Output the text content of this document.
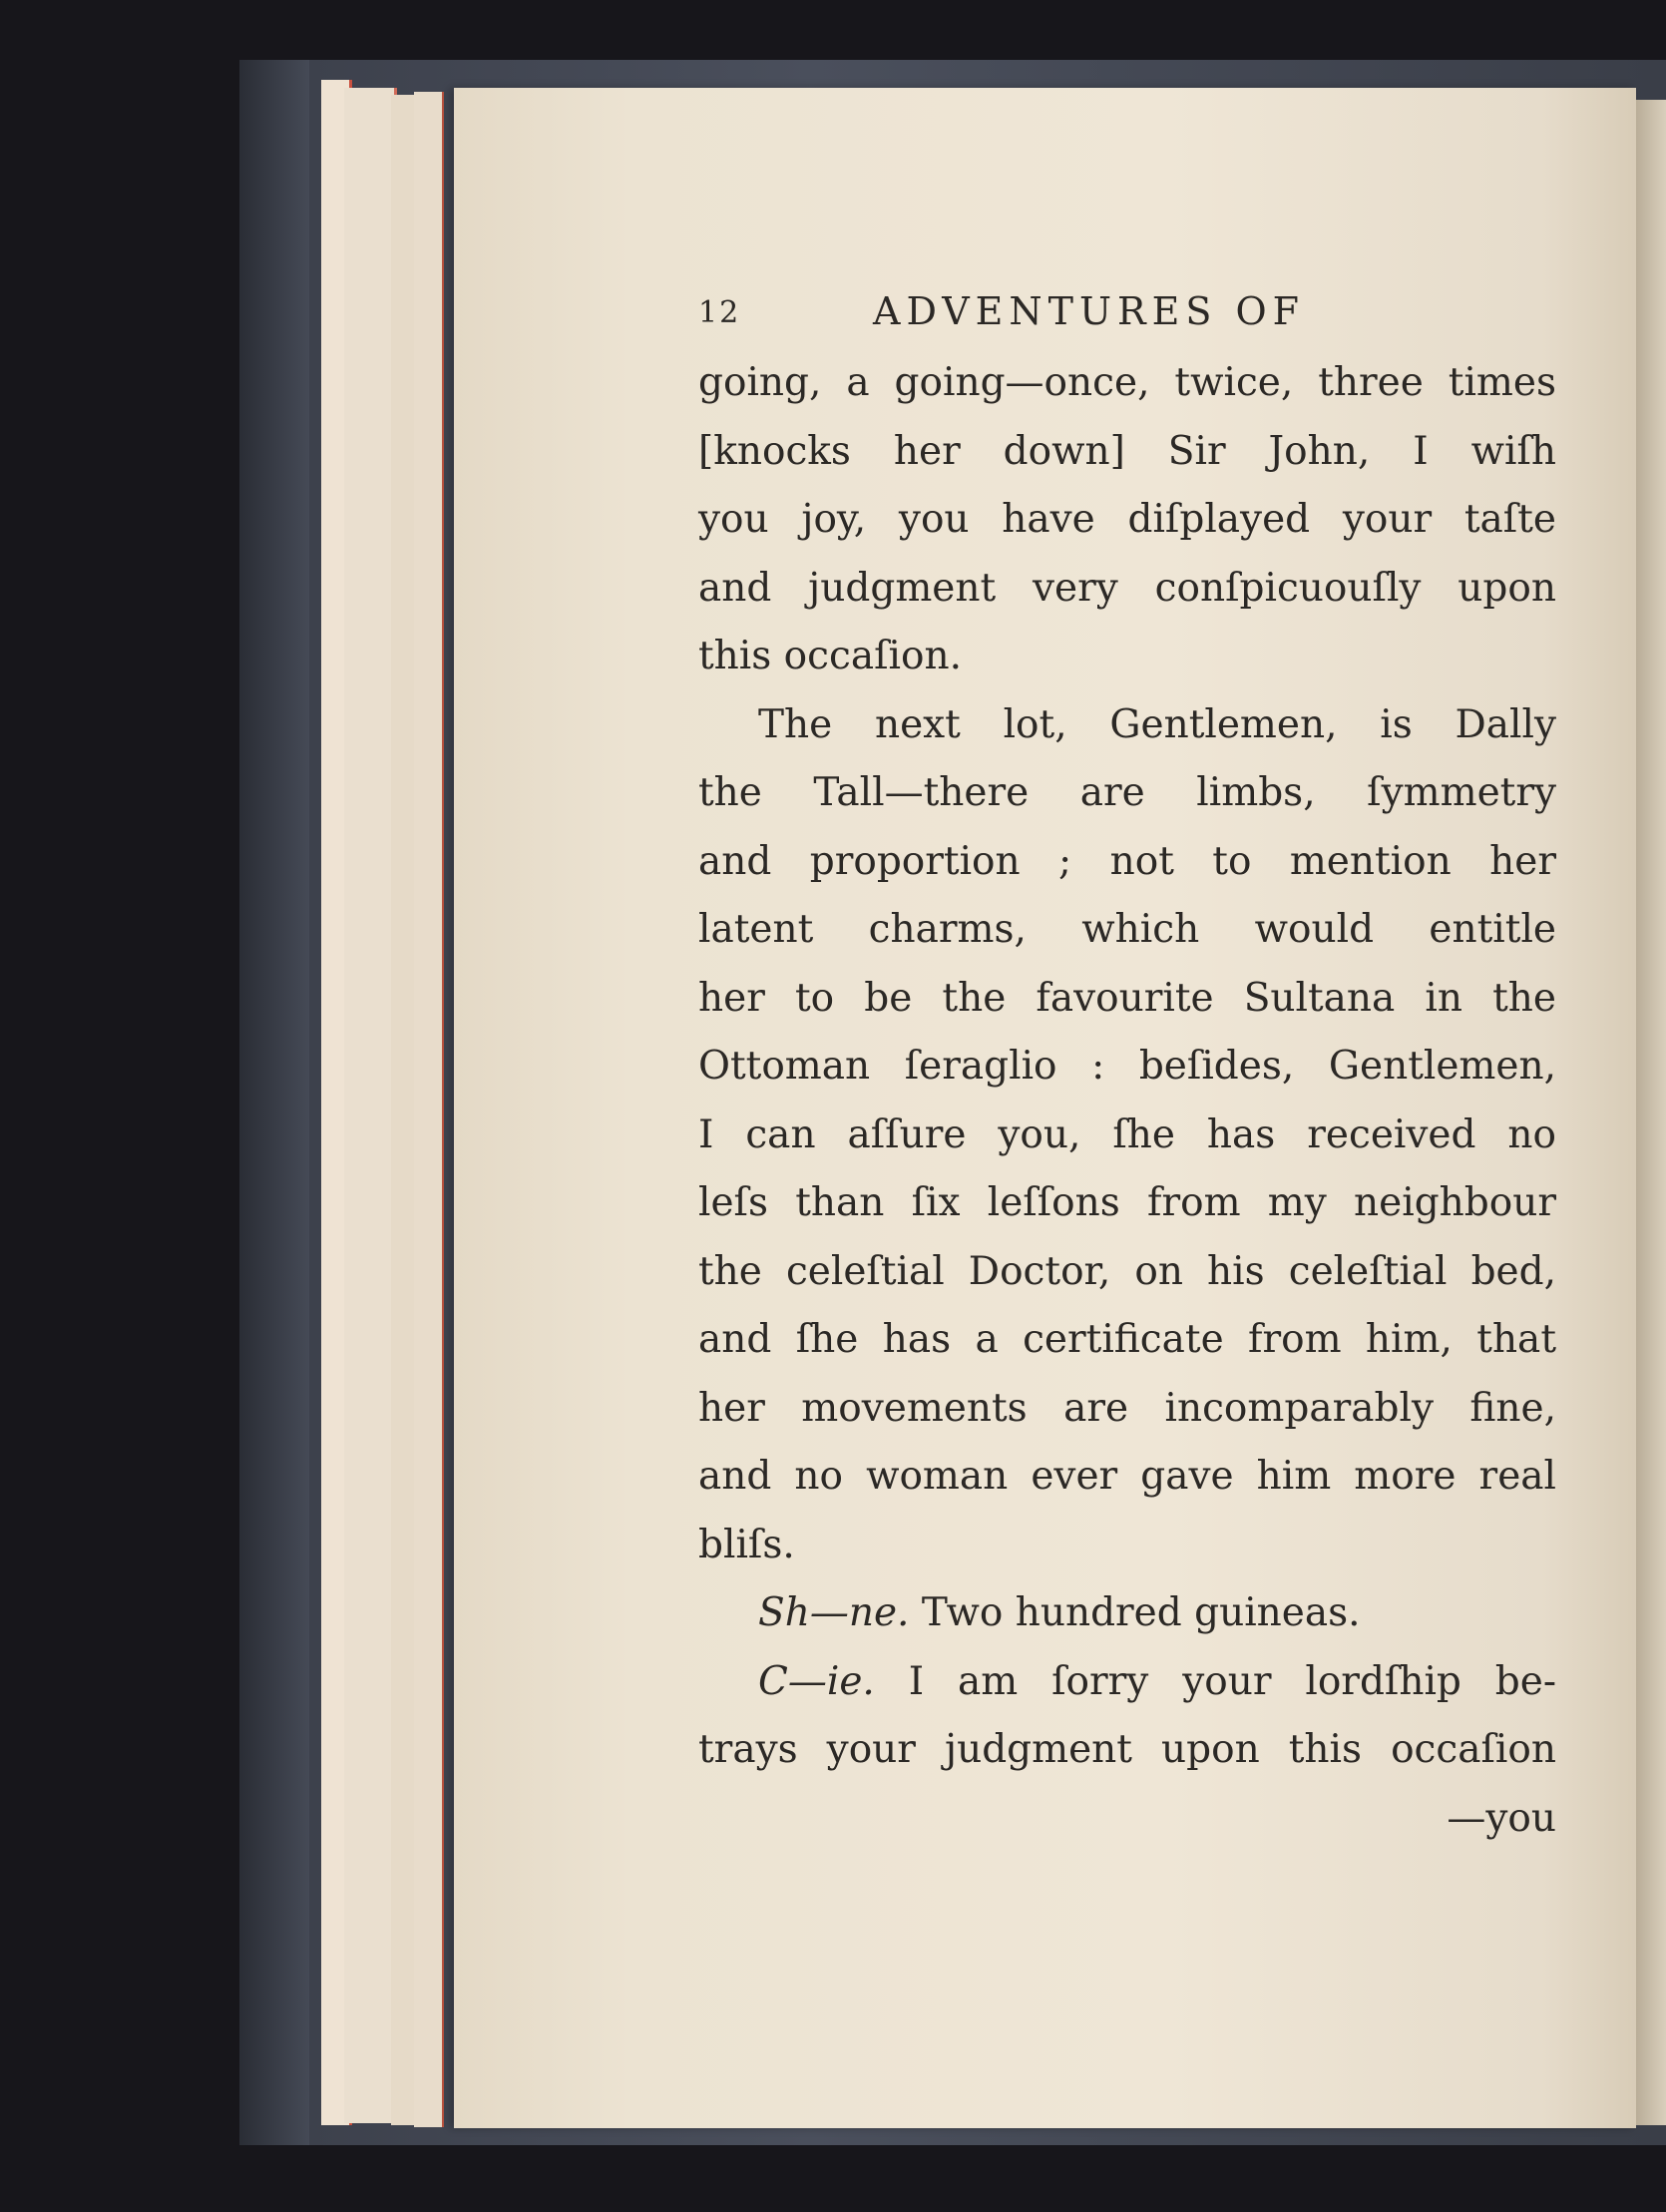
12	ADVENTURES OF
going, a going—once, twice, three times
[knocks her down] Sir John, I wiſh
you joy, you have diſplayed your taſte
and judgment very conſpicuouſly upon
this occaſion.
The next lot, Gentlemen, is Dally
the Tall—there are limbs, ſymmetry
and proportion ; not to mention her
latent charms, which would entitle
her to be the favourite Sultana in the
Ottoman ſeraglio : beſides, Gentlemen,
I can aſſure you, ſhe has received no
leſs than ſix leſſons from my neighbour
the celeſtial Doctor, on his celeſtial bed,
and ſhe has a certificate from him, that
her movements are incomparably fine,
and no woman ever gave him more real
bliſs.
Sh—ne. Two hundred guineas.
C—ie. I am ſorry your lordſhip be-
trays your judgment upon this occaſion
—you
